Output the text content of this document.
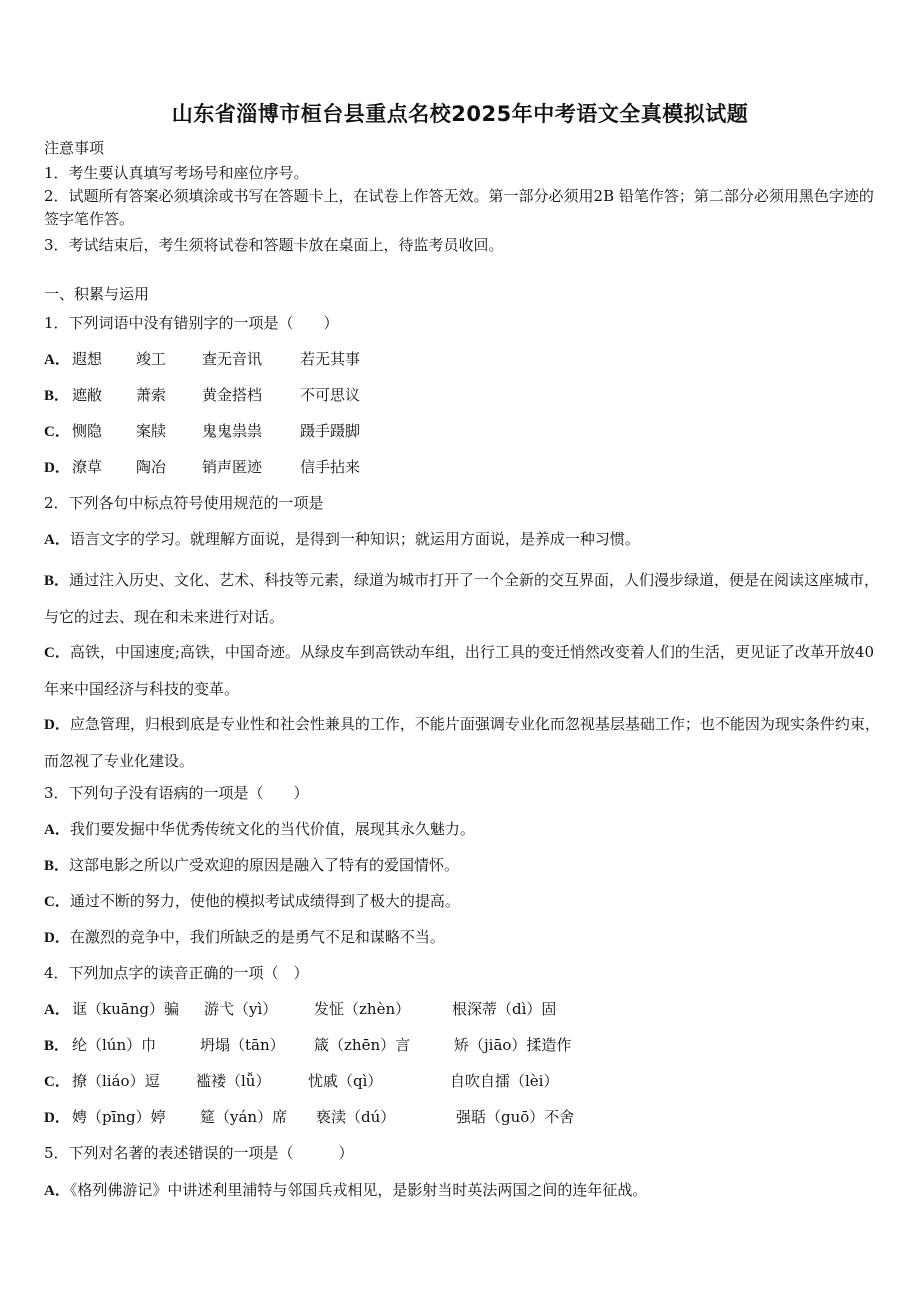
山东省淄博市桓台县重点名校2025年中考语文全真模拟试题
注意事项
1．考生要认真填写考场号和座位序号。
2．试题所有答案必须填涂或书写在答题卡上，在试卷上作答无效。第一部分必须用2B 铅笔作答；第二部分必须用黑色字迹的签字笔作答。
3．考试结束后，考生须将试卷和答题卡放在桌面上，待监考员收回。
一、积累与运用
1．下列词语中没有错别字的一项是（　　）
A． 遐想 竣工 查无音讯	若无其事
B． 遮敝 萧索 黄金搭档	不可思议
C． 恻隐 案牍 鬼鬼祟祟	蹑手蹑脚
D． 潦草 陶冶 销声匿迹	信手拈来
2．下列各句中标点符号使用规范的一项是
A．语言文字的学习。就理解方面说，是得到一种知识；就运用方面说，是养成一种习惯。
B．通过注入历史、文化、艺术、科技等元素，绿道为城市打开了一个全新的交互界面，人们漫步绿道，便是在阅读这座城市，与它的过去、现在和未来进行对话。
C．高铁，中国速度;高铁，中国奇迹。从绿皮车到高铁动车组，出行工具的变迁悄然改变着人们的生活，更见证了改革开放40年来中国经济与科技的变革。
D．应急管理，归根到底是专业性和社会性兼具的工作，不能片面强调专业化而忽视基层基础工作；也不能因为现实条件约束，而忽视了专业化建设。
3．下列句子没有语病的一项是（　　）
A．我们要发掘中华优秀传统文化的当代价值，展现其永久魅力。
B．这部电影之所以广受欢迎的原因是融入了特有的爱国情怀。
C．通过不断的努力，使他的模拟考试成绩得到了极大的提高。
D．在激烈的竞争中，我们所缺乏的是勇气不足和谋略不当。
4．下列加点字的读音正确的一项（　）
A． 诓（kuāng）骗 游弋（yì） 发怔（zhèn）	根深蒂（dì）固
B． 纶（lún）巾	坍塌（tān） 箴（zhēn）言	矫（jiāo）揉造作
C． 撩（liáo）逗 褴褛（lǚ）	忧戚（qì）	自吹自擂（lèi）
D． 娉（pīng）婷 筵（yán）席 亵渎（dú）	强聒（guō）不舍
5．下列对名著的表述错误的一项是（　　　）
A．《格列佛游记》中讲述利里浦特与邻国兵戎相见，是影射当时英法两国之间的连年征战。
